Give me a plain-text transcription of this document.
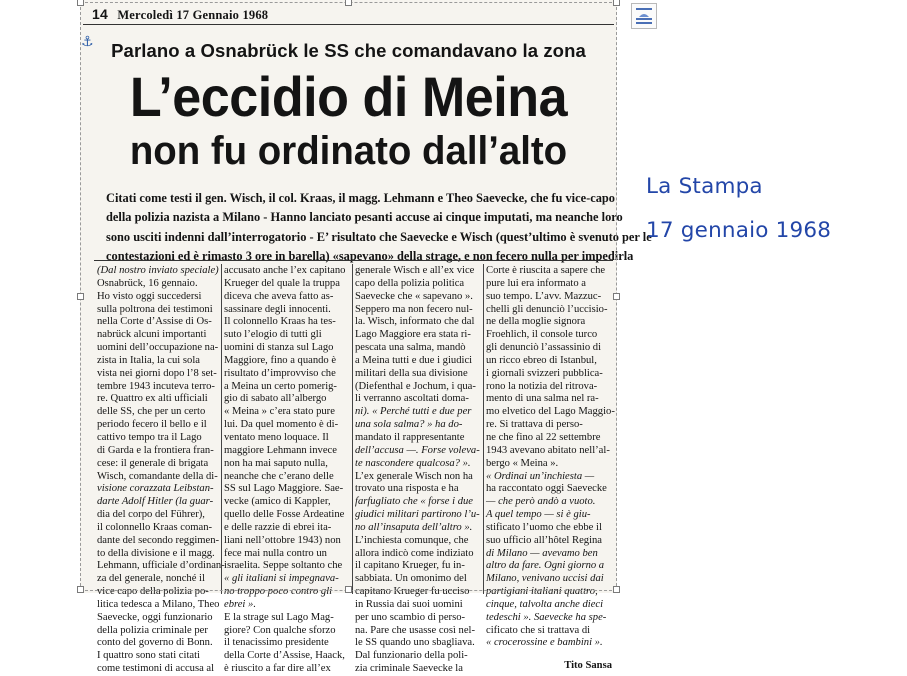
14 Mercoledì 17 Gennaio 1968
Parlano a Osnabrück le SS che comandavano la zona
L’eccidio di Meina
non fu ordinato dall’alto
Citati come testi il gen. Wisch, il col. Kraas, il magg. Lehmann e Theo Saevecke, che fu vice-capo
della polizia nazista a Milano - Hanno lanciato pesanti accuse ai cinque imputati, ma neanche loro
sono usciti indenni dall’interrogatorio - E’ risultato che Saevecke e Wisch (quest’ultimo è svenuto per le
contestazioni ed è rimasto 3 ore in barella) «sapevano» della strage, e non fecero nulla per impedirla
(Dal nostro inviato speciale)
Osnabrück, 16 gennaio.
Ho visto oggi succedersi
sulla poltrona dei testimoni
nella Corte d’Assise di Os-
nabrück alcuni importanti
uomini dell’occupazione na-
zista in Italia, la cui sola
vista nei giorni dopo l’8 set-
tembre 1943 incuteva terro-
re. Quattro ex alti ufficiali
delle SS, che per un certo
periodo fecero il bello e il
cattivo tempo tra il Lago
di Garda e la frontiera fran-
cese: il generale di brigata
Wisch, comandante della di-
visione corazzata Leibstan-
darte Adolf Hitler (la guar-
dia del corpo del Führer),
il colonnello Kraas coman-
dante del secondo reggimen-
to della divisione e il magg.
Lehmann, ufficiale d’ordinan-
za del generale, nonché il
vice capo della polizia po-
litica tedesca a Milano, Theo
Saevecke, oggi funzionario
della polizia criminale per
conto del governo di Bonn.
I quattro sono stati citati
come testimoni di accusa al
accusato anche l’ex capitano
Krueger del quale la truppa
diceva che aveva fatto as-
sassinare degli innocenti.
Il colonnello Kraas ha tes-
suto l’elogio di tutti gli
uomini di stanza sul Lago
Maggiore, fino a quando è
risultato d’improvviso che
a Meina un certo pomerig-
gio di sabato all’albergo
« Meina » c’era stato pure
lui. Da quel momento è di-
ventato meno loquace. Il
maggiore Lehmann invece
non ha mai saputo nulla,
neanche che c’erano delle
SS sul Lago Maggiore. Sae-
vecke (amico di Kappler,
quello delle Fosse Ardeatine
e delle razzie di ebrei ita-
liani nell’ottobre 1943) non
fece mai nulla contro un
israelita. Seppe soltanto che
« gli italiani si impegnava-
no troppo poco contro gli
ebrei ».
E la strage sul Lago Mag-
giore? Con qualche sforzo
il tenacissimo presidente
della Corte d’Assise, Haack,
è riuscito a far dire all’ex
generale Wisch e all’ex vice
capo della polizia politica
Saevecke che « sapevano ».
Seppero ma non fecero nul-
la. Wisch, informato che dal
Lago Maggiore era stata ri-
pescata una salma, mandò
a Meina tutti e due i giudici
militari della sua divisione
(Diefenthal e Jochum, i qua-
li verranno ascoltati doma-
ni). « Perché tutti e due per
una sola salma? » ha do-
mandato il rappresentante
dell’accusa —. Forse voleva-
te nascondere qualcosa? ».
L’ex generale Wisch non ha
trovato una risposta e ha
farfugliato che « forse i due
giudici militari partirono l’u-
no all’insaputa dell’altro ».
L’inchiesta comunque, che
allora indicò come indiziato
il capitano Krueger, fu in-
sabbiata. Un omonimo del
capitano Krueger fu ucciso
in Russia dai suoi uomini
per uno scambio di perso-
na. Pare che usasse così nel-
le SS quando uno sbagliava.
Dal funzionario della poli-
zia criminale Saevecke la
Corte è riuscita a sapere che
pure lui era informato a
suo tempo. L’avv. Mazzuc-
chelli gli denunciò l’uccisio-
ne della moglie signora
Froehlich, il console turco
gli denunciò l’assassinio di
un ricco ebreo di Istanbul,
i giornali svizzeri pubblica-
rono la notizia del ritrova-
mento di una salma nel ra-
mo elvetico del Lago Maggio-
re. Si trattava di perso-
ne che fino al 22 settembre
1943 avevano abitato nell’al-
bergo « Meina ».
« Ordinai un’inchiesta —
ha raccontato oggi Saevecke
— che però andò a vuoto.
A quel tempo — si è giu-
stificato l’uomo che ebbe il
suo ufficio all’hôtel Regina
di Milano — avevamo ben
altro da fare. Ogni giorno a
Milano, venivano uccisi dai
partigiani italiani quattro,
cinque, talvolta anche dieci
tedeschi ». Saevecke ha spe-
cificato che si trattava di
« crocerossine e bambini ».
Tito Sansa
⚓
La Stampa
17 gennaio 1968
